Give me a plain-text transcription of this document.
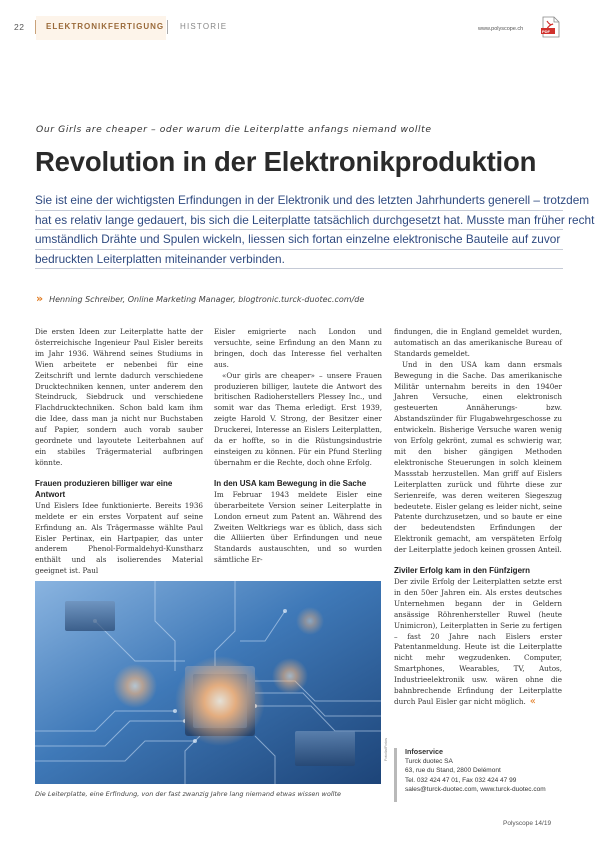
22	ELEKTRONIKFERTIGUNG HISTORIE	www.polyscope.ch	PDF
Our Girls are cheaper – oder warum die Leiterplatte anfangs niemand wollte
Revolution in der Elektronikproduktion
Sie ist eine der wichtigsten Erfindungen in der Elektronik und des letzten Jahrhunderts generell – trotzdem
hat es relativ lange gedauert, bis sich die Leiterplatte tatsächlich durchgesetzt hat. Musste man früher recht
umständlich Drähte und Spulen wickeln, liessen sich fortan einzelne elektronische Bauteile auf zuvor
bedruckten Leiterplatten miteinander verbinden.
» Henning Schreiber, Online Marketing Manager, blogtronic.turck-duotec.com/de

Die ersten Ideen zur Leiterplatte hatte der österreichische Ingenieur Paul Eisler bereits im Jahr 1936. Während seines Studiums in Wien arbeitete er nebenbei für eine Zeitschrift und lernte dadurch verschiedene Drucktechniken kennen, unter anderem den Steindruck, Siebdruck und verschiedene Flachdrucktechniken. Schon bald kam ihm die Idee, dass man ja nicht nur Buchstaben auf Papier, sondern auch vorab sauber geordnete und layoutete Leiterbahnen auf ein stabiles Trägermaterial aufbringen könnte.

Frauen produzieren billiger war eine Antwort

Und Eislers Idee funktionierte. Bereits 1936 meldete er ein erstes Vorpatent auf seine Erfindung an. Als Trägermasse wählte Paul Eisler Pertinax, ein Hartpapier, das unter anderem Phenol-Formaldehyd-Kunstharz enthält und als isolierendes Material geeignet ist. Paul

Eisler emigrierte nach London und versuchte, seine Erfindung an den Mann zu bringen, doch das Interesse fiel verhalten aus.

«Our girls are cheaper» – unsere Frauen produzieren billiger, lautete die Antwort des britischen Radioherstellers Plessey Inc., und somit war das Thema erledigt. Erst 1939, zeigte Harold V. Strong, der Besitzer einer Druckerei, Interesse an Eislers Leiterplatten, da er hoffte, so in die Rüstungsindustrie einsteigen zu können. Für ein Pfund Sterling übernahm er die Rechte, doch ohne Erfolg.

In den USA kam Bewegung in die Sache

Im Februar 1943 meldete Eisler eine überarbeitete Version seiner Leiterplatte in London erneut zum Patent an. Während des Zweiten Weltkriegs war es üblich, dass sich die Alliierten über Erfindungen und neue Standards austauschten, und so wurden sämtliche Er-

findungen, die in England gemeldet wurden, automatisch an das amerikanische Bureau of Standards gemeldet.

Und in den USA kam dann ersmals Bewegung in die Sache. Das amerikanische Militär unternahm bereits in den 1940er Jahren Versuche, einen elektronisch gesteuerten Annäherungs- bzw. Abstandszünder für Flugabwehrgeschosse zu entwickeln. Bisherige Versuche waren wenig von Erfolg gekrönt, zumal es schwierig war, mit den bisher gängigen Methoden elektronische Steuerungen in solch kleinem Massstab herzustellen. Man griff auf Eislers Leiterplatten zurück und führte diese zur Serienreife, was deren weiteren Siegeszug bedeutete. Eisler gelang es leider nicht, seine Patente durchzusetzen, und so baute er eine der bedeutendsten Erfindungen der Elektronik gemacht, am verspäteten Erfolg der Leiterplatte jedoch keinen grossen Anteil.

Ziviler Erfolg kam in den Fünfzigern

Der zivile Erfolg der Leiterplatten setzte erst in den 50er Jahren ein. Als erstes deutsches Unternehmen begann der in Geldern ansässige Röhrenhersteller Ruwel (heute Unimicron), Leiterplatten in Serie zu fertigen – fast 20 Jahre nach Eislers erster Patentanmeldung. Heute ist die Leiterplatte nicht mehr wegzudenken. Computer, Smartphones, Wearables, TV, Autos, Industrieelektronik usw. wären ohne die bahnbrechende Erfindung der Leiterplatte durch Paul Eisler gar nicht möglich. «

Fotolia/Fotos
Die Leiterplatte, eine Erfindung, von der fast zwanzig Jahre lang niemand etwas wissen wollte
Infoservice
Turck duotec SA
63, rue du Stand, 2800 Delémont
Tel. 032 424 47 01, Fax 032 424 47 99
sales@turck-duotec.com, www.turck-duotec.com
Polyscope 14/19
